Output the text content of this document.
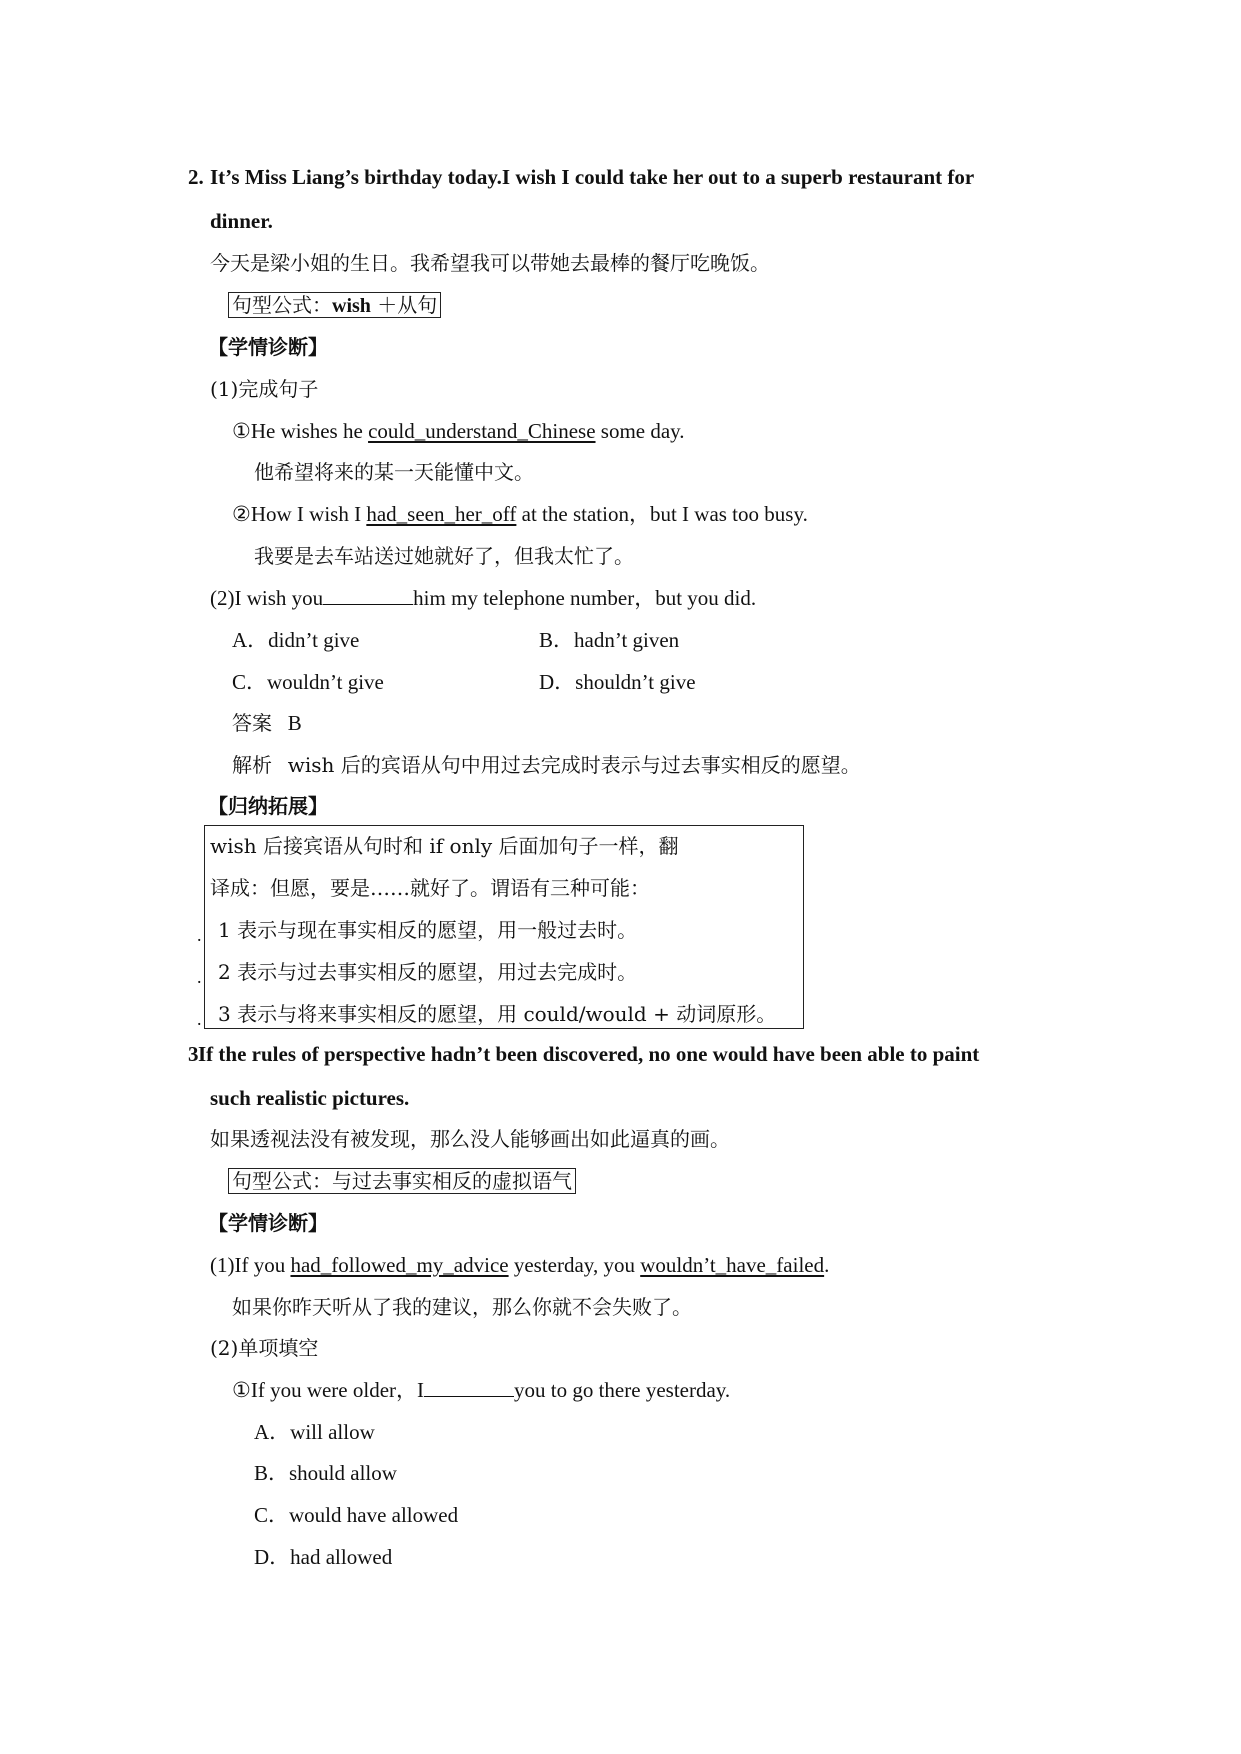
2. It’s Miss Liang’s birthday today.I wish I could take her out to a superb restaurant for
dinner.
今天是梁小姐的生日。我希望我可以带她去最棒的餐厅吃晚饭。
句型公式：wish ＋从句
【学情诊断】
(1)完成句子
①He wishes he could_understand_Chinese some day.
他希望将来的某一天能懂中文。
②How I wish I had_seen_her_off at the station，but I was too busy.
我要是去车站送过她就好了，但我太忙了。
(2)I wish you	him my telephone number，but you did.
A．didn’t give	B．hadn’t given
C．wouldn’t give	D．shouldn’t give
答案 B
解析 wish 后的宾语从句中用过去完成时表示与过去事实相反的愿望。
【归纳拓展】
wish 后接宾语从句时和 if only 后面加句子一样，翻
译成：但愿，要是……就好了。谓语有三种可能：
. 1 表示与现在事实相反的愿望，用一般过去时。
. 2 表示与过去事实相反的愿望，用过去完成时。
. 3 表示与将来事实相反的愿望，用 could/would + 动词原形。
3 If the rules of perspective hadn’t been discovered, no one would have been able to paint
such realistic pictures.
如果透视法没有被发现，那么没人能够画出如此逼真的画。
句型公式：与过去事实相反的虚拟语气
【学情诊断】
(1)If you had_followed_my_advice yesterday, you wouldn’t_have_failed.
如果你昨天听从了我的建议，那么你就不会失败了。
(2)单项填空
①If you were older，I	you to go there yesterday.
A．will allow
B．should allow
C．would have allowed
D．had allowed
